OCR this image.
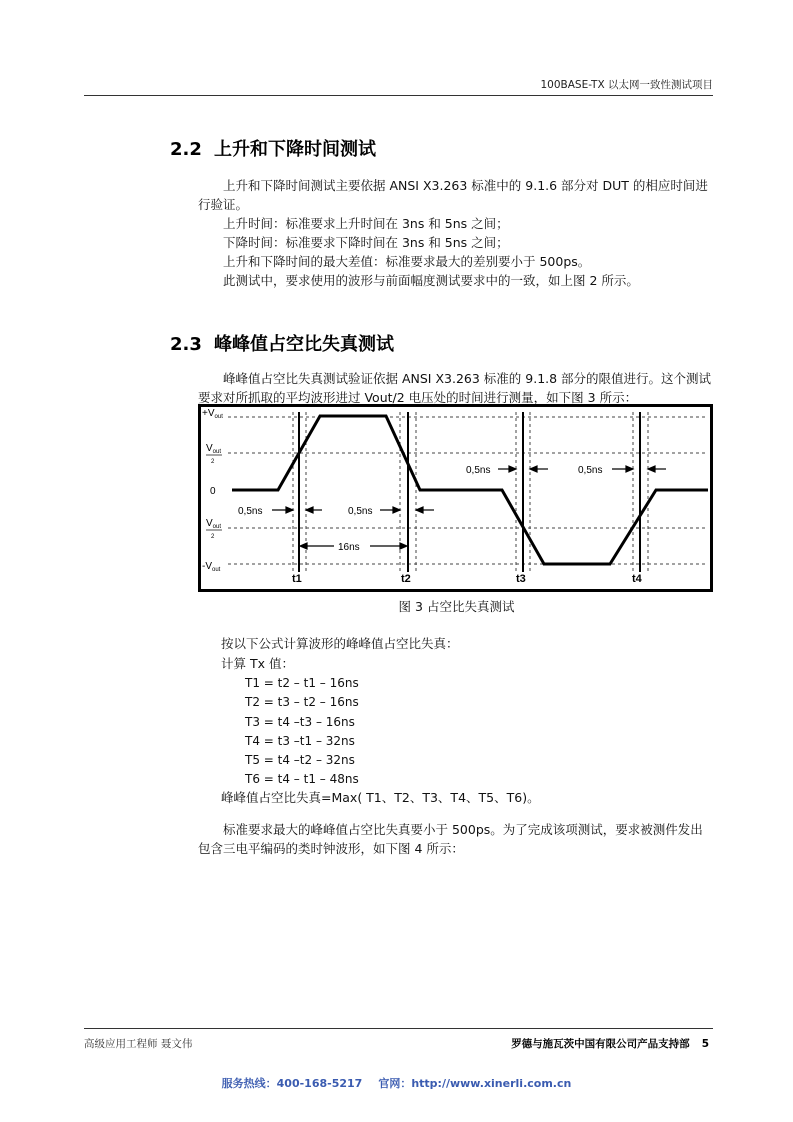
100BASE-TX 以太网一致性测试项目
2.2 上升和下降时间测试
上升和下降时间测试主要依据 ANSI X3.263 标准中的 9.1.6 部分对 DUT 的相应时间进行验证。
上升时间：标准要求上升时间在 3ns 和 5ns 之间；
下降时间：标准要求下降时间在 3ns 和 5ns 之间；
上升和下降时间的最大差值：标准要求最大的差别要小于 500ps。
此测试中，要求使用的波形与前面幅度测试要求中的一致，如上图 2 所示。
2.3 峰峰值占空比失真测试
峰峰值占空比失真测试验证依据 ANSI X3.263 标准的 9.1.8 部分的限值进行。这个测试要求对所抓取的平均波形进过 Vout/2 电压处的时间进行测量，如下图 3 所示：
$+V_{out}$
$V_{out}$
2
0
$V_{out}$
2
$-V_{out}$
t1	t2	t3	t4
0,5ns	0,5ns
0,5ns	0,5ns
16ns
图 3 占空比失真测试
按以下公式计算波形的峰峰值占空比失真：
计算 Tx 值：
T1 = t2 – t1 – 16ns
T2 = t3 – t2 – 16ns
T3 = t4 –t3 – 16ns
T4 = t3 –t1 – 32ns
T5 = t4 –t2 – 32ns
T6 = t4 – t1 – 48ns
峰峰值占空比失真=Max( T1、T2、T3、T4、T5、T6)。
标准要求最大的峰峰值占空比失真要小于 500ps。为了完成该项测试，要求被测件发出包含三电平编码的类时钟波形，如下图 4 所示：
高级应用工程师 聂文伟	罗德与施瓦茨中国有限公司产品支持部 5
服务热线：400-168-5217 官网：http://www.xinerli.com.cn
